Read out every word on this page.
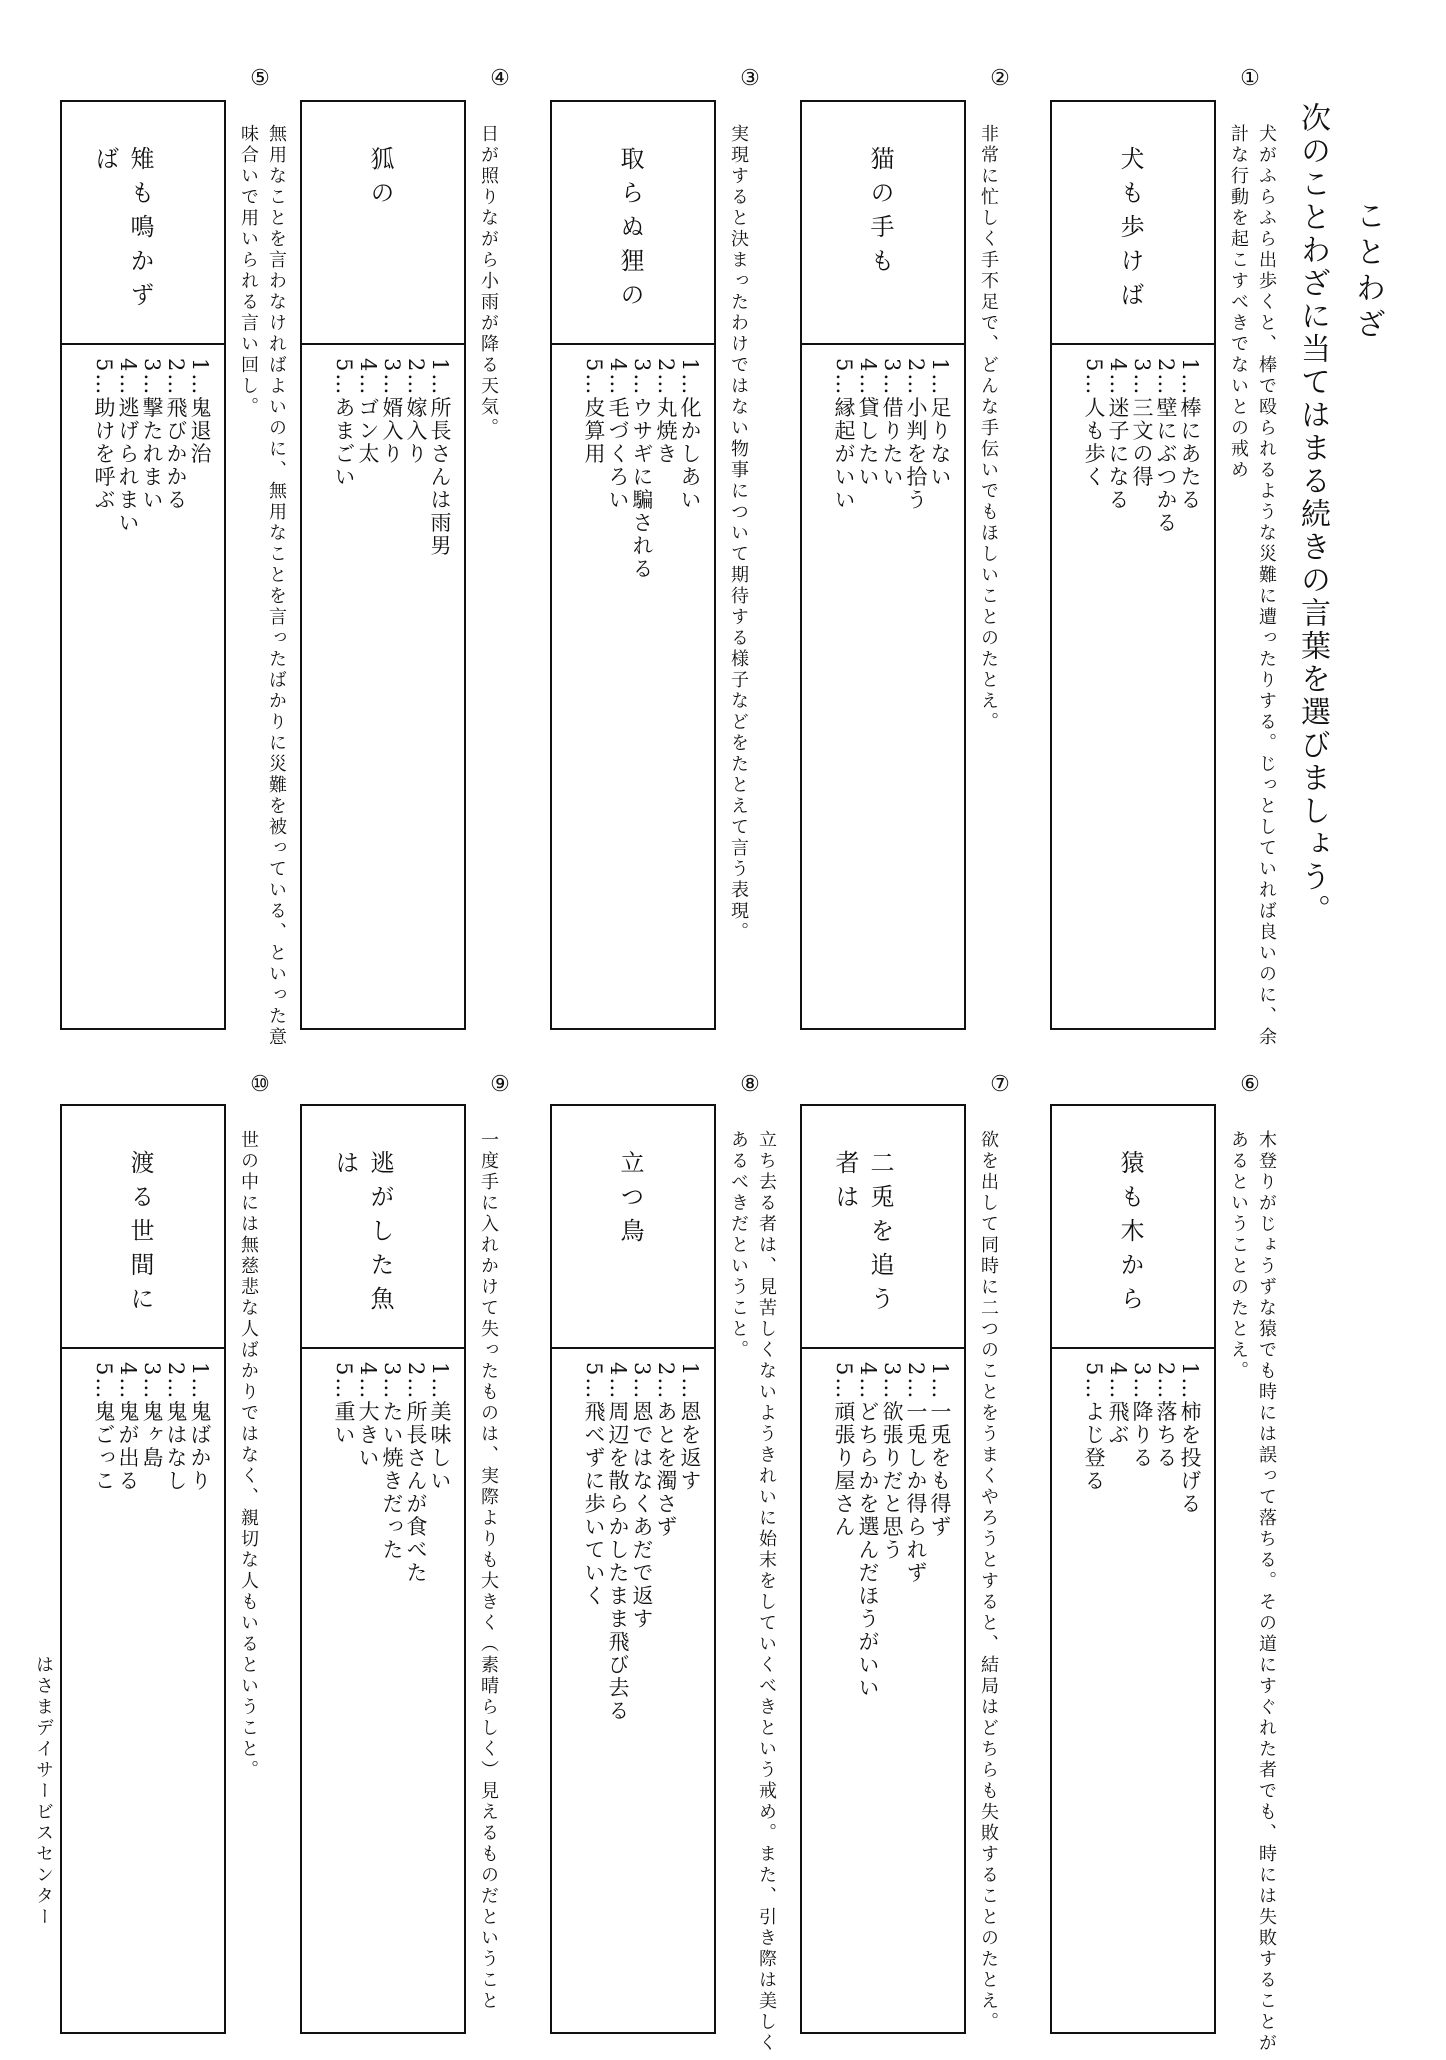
ことわざ
次のことわざに当てはまる続きの言葉を選びましょう。
①
犬がふらふら出歩くと、棒で殴られるような災難に遭ったりする。じっとしていれば良いのに、余計な行動を起こすべきでないとの戒め
犬も歩けば
1…棒にあたる
2…壁にぶつかる
3…三文の得
4…迷子になる
5…人も歩く
②
非常に忙しく手不足で、どんな手伝いでもほしいことのたとえ。
猫の手も
1…足りない
2…小判を拾う
3…借りたい
4…貸したい
5…縁起がいい
③
実現すると決まったわけではない物事について期待する様子などをたとえて言う表現。
取らぬ狸の
1…化かしあい
2…丸焼き
3…ウサギに騙される
4…毛づくろい
5…皮算用
④
日が照りながら小雨が降る天気。
狐の
1…所長さんは雨男
2…嫁入り
3…婿入り
4…ゴン太
5…あまごい
⑤
無用なことを言わなければよいのに、無用なことを言ったばかりに災難を被っている、といった意味合いで用いられる言い回し。
雉も鳴かずば
1…鬼退治
2…飛びかかる
3…撃たれまい
4…逃げられまい
5…助けを呼ぶ
⑥
木登りがじょうずな猿でも時には誤って落ちる。その道にすぐれた者でも、時には失敗することがあるということのたとえ。
猿も木から
1…柿を投げる
2…落ちる
3…降りる
4…飛ぶ
5…よじ登る
⑦
欲を出して同時に二つのことをうまくやろうとすると、結局はどちらも失敗することのたとえ。
二兎を追う者は
1…一兎をも得ず
2…一兎しか得られず
3…欲張りだと思う
4…どちらかを選んだほうがいい
5…頑張り屋さん
⑧
立ち去る者は、見苦しくないようきれいに始末をしていくべきという戒め。また、引き際は美しくあるべきだということ。
立つ鳥
1…恩を返す
2…あとを濁さず
3…恩ではなくあだで返す
4…周辺を散らかしたまま飛び去る
5…飛べずに歩いていく
⑨
一度手に入れかけて失ったものは、実際よりも大きく（素晴らしく）見えるものだということ
逃がした魚は
1…美味しい
2…所長さんが食べた
3…たい焼きだった
4…大きい
5…重い
⑩
世の中には無慈悲な人ばかりではなく、親切な人もいるということ。
渡る世間に
1…鬼ばかり
2…鬼はなし
3…鬼ヶ島
4…鬼が出る
5…鬼ごっこ
はさまデイサービスセンター
